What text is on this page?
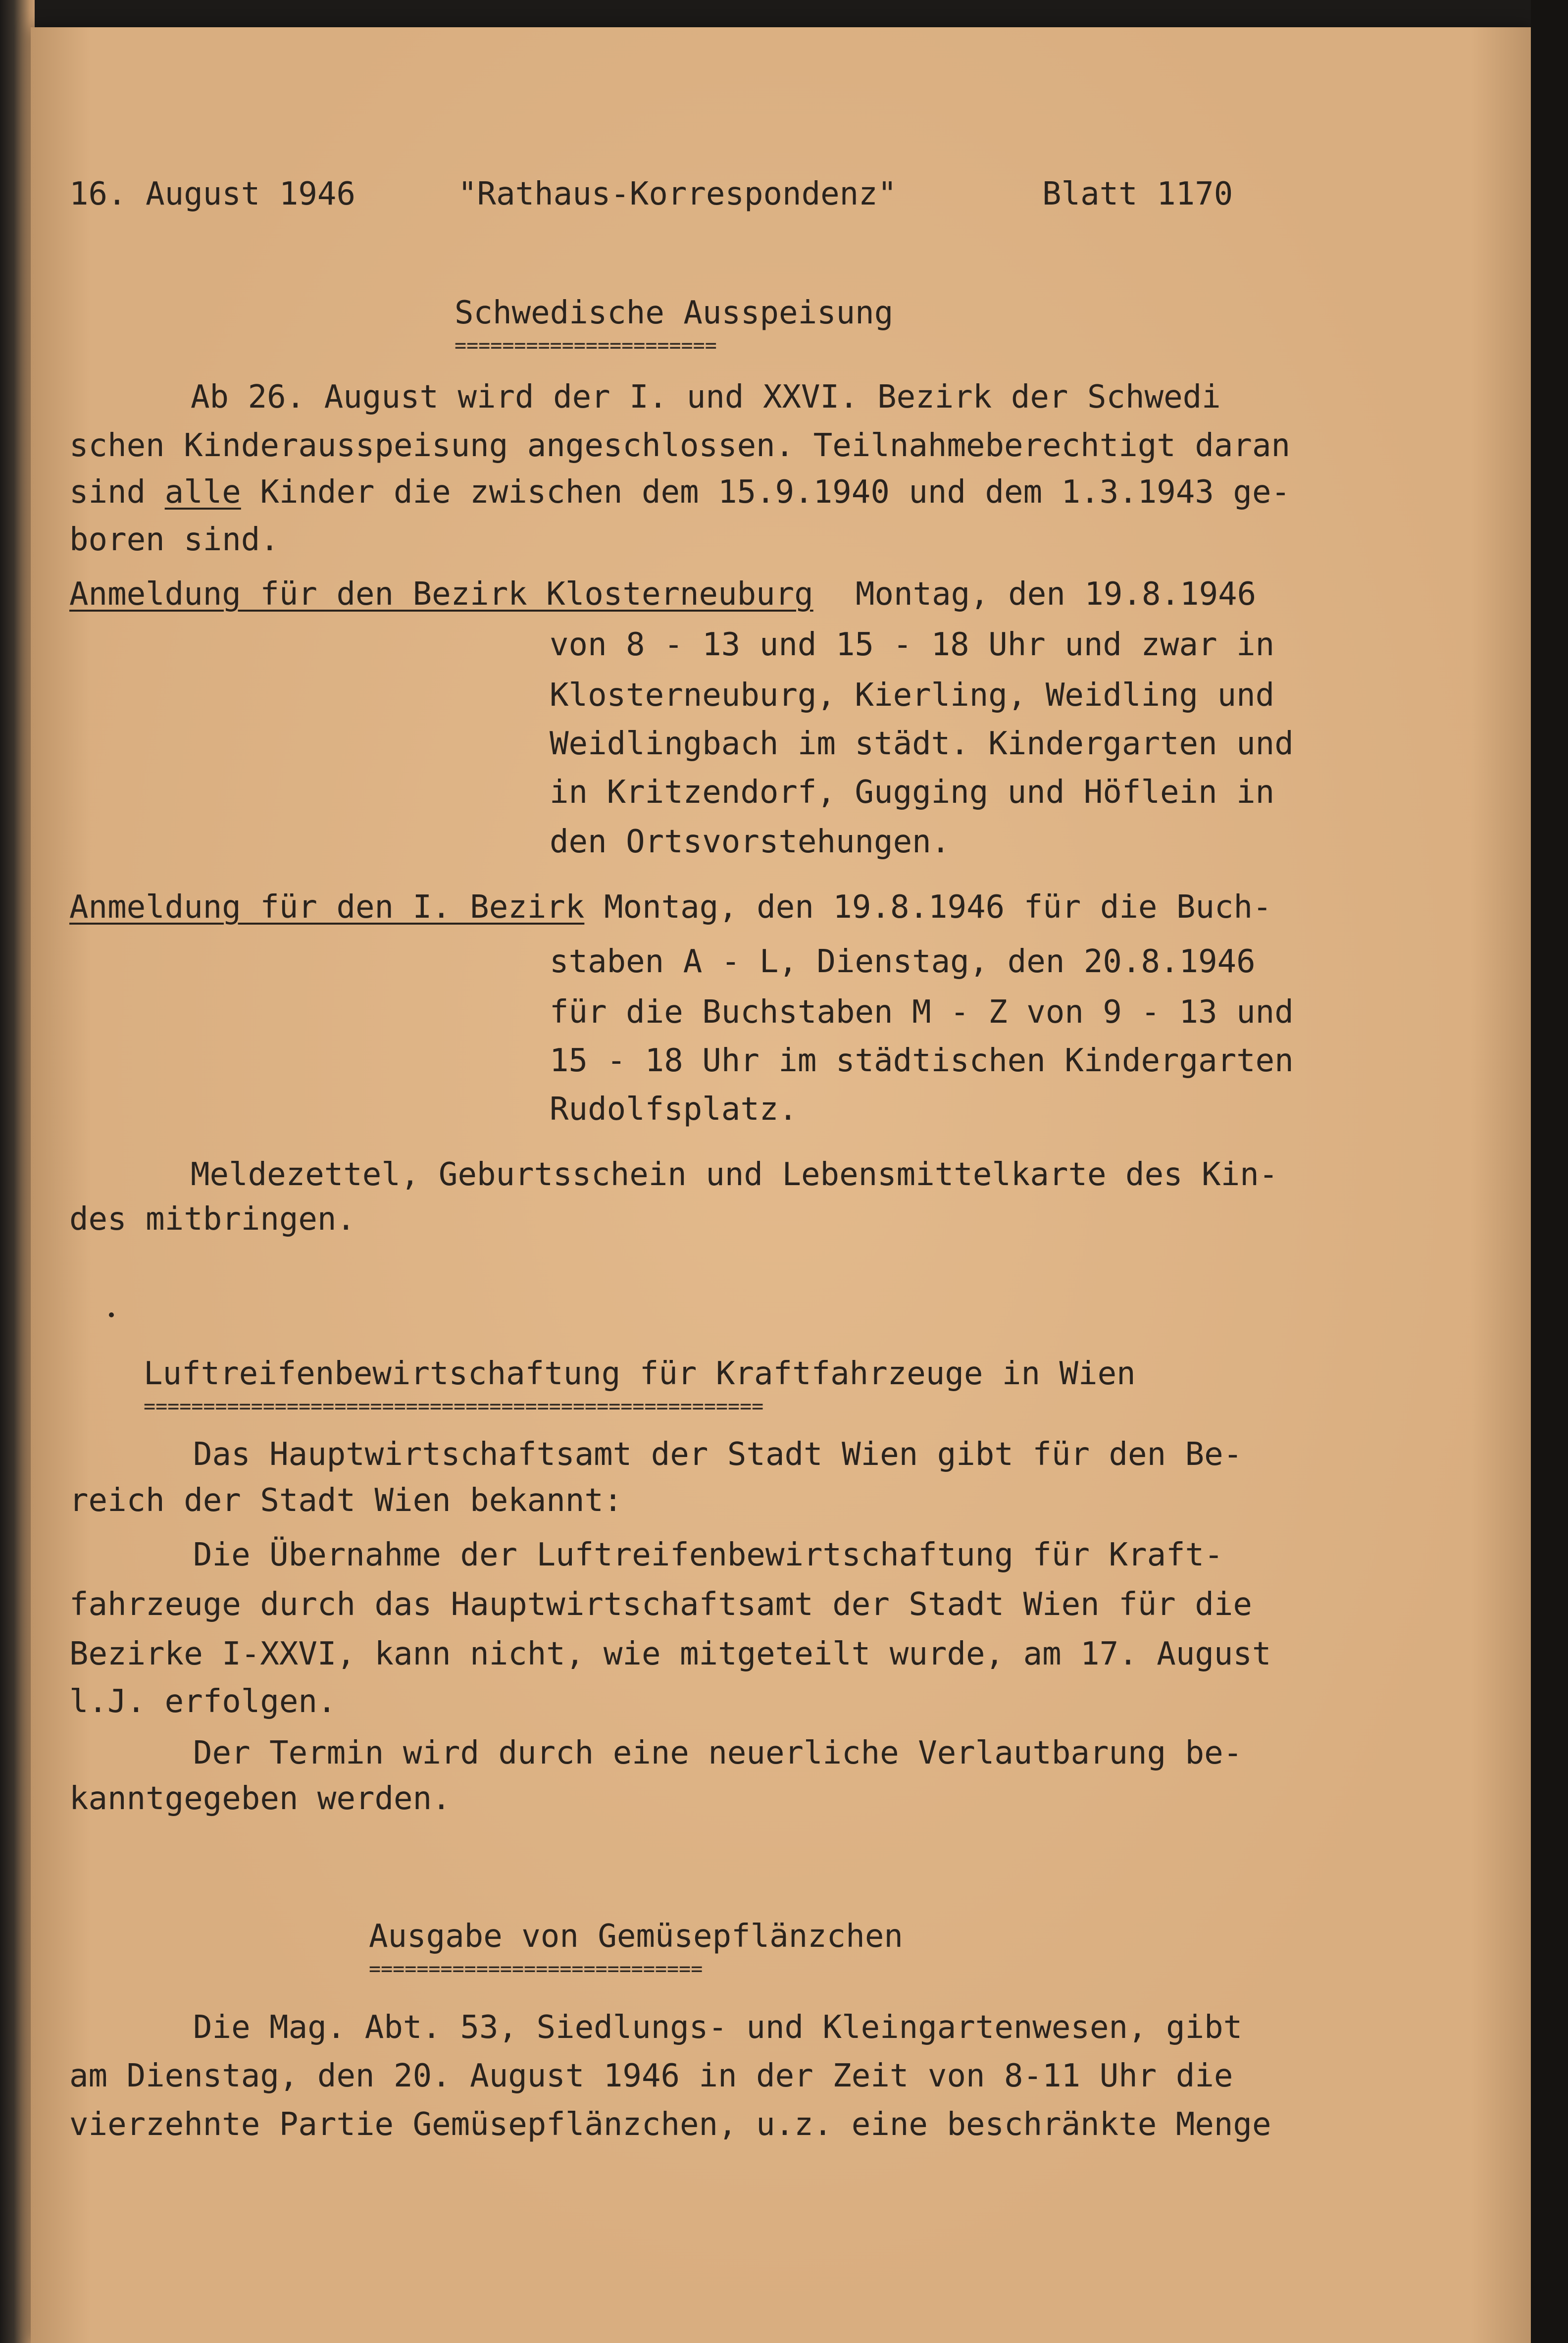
16. August 1946	"Rathaus-Korrespondenz"	Blatt 1170
Schwedische Ausspeisung
======================
Ab 26. August wird der I. und XXVI. Bezirk der Schwedi
schen Kinderausspeisung angeschlossen. Teilnahmeberechtigt daran
sind alle Kinder die zwischen dem 15.9.1940 und dem 1.3.1943 ge-
boren sind.
Anmeldung für den Bezirk Klosterneuburg Montag, den 19.8.1946
von 8 - 13 und 15 - 18 Uhr und zwar in
Klosterneuburg, Kierling, Weidling und
Weidlingbach im städt. Kindergarten und
in Kritzendorf, Gugging und Höflein in
den Ortsvorstehungen.
Anmeldung für den I. Bezirk Montag, den 19.8.1946 für die Buch-
staben A - L, Dienstag, den 20.8.1946
für die Buchstaben M - Z von 9 - 13 und
15 - 18 Uhr im städtischen Kindergarten
Rudolfsplatz.
Meldezettel, Geburtsschein und Lebensmittelkarte des Kin-
des mitbringen.
Luftreifenbewirtschaftung für Kraftfahrzeuge in Wien
====================================================
Das Hauptwirtschaftsamt der Stadt Wien gibt für den Be-
reich der Stadt Wien bekannt:
Die Übernahme der Luftreifenbewirtschaftung für Kraft-
fahrzeuge durch das Hauptwirtschaftsamt der Stadt Wien für die
Bezirke I-XXVI, kann nicht, wie mitgeteilt wurde, am 17. August
l.J. erfolgen.
Der Termin wird durch eine neuerliche Verlautbarung be-
kanntgegeben werden.
Ausgabe von Gemüsepflänzchen
============================
Die Mag. Abt. 53, Siedlungs- und Kleingartenwesen, gibt
am Dienstag, den 20. August 1946 in der Zeit von 8-11 Uhr die
vierzehnte Partie Gemüsepflänzchen, u.z. eine beschränkte Menge
